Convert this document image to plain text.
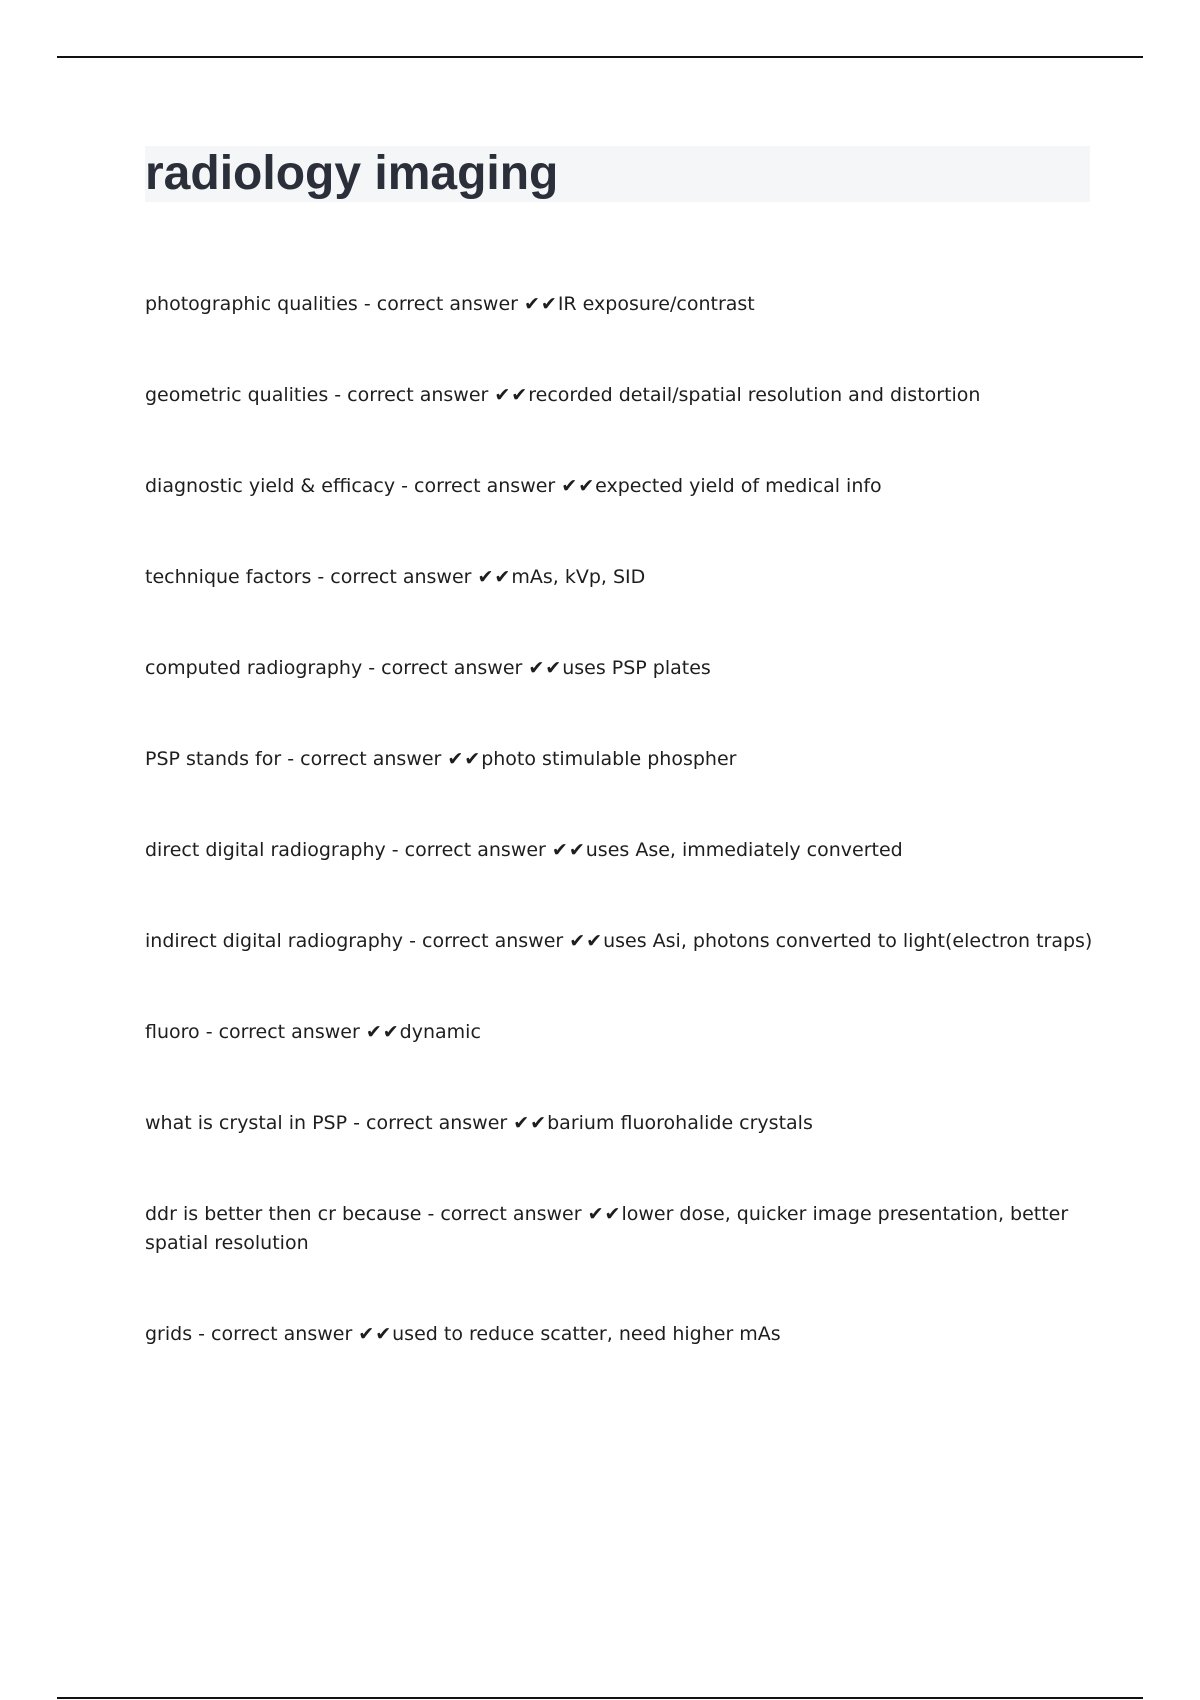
radiology imaging
photographic qualities - correct answer ✔✔IR exposure/contrast
geometric qualities - correct answer ✔✔recorded detail/spatial resolution and distortion
diagnostic yield & efficacy - correct answer ✔✔expected yield of medical info
technique factors - correct answer ✔✔mAs, kVp, SID
computed radiography - correct answer ✔✔uses PSP plates
PSP stands for - correct answer ✔✔photo stimulable phospher
direct digital radiography - correct answer ✔✔uses Ase, immediately converted
indirect digital radiography - correct answer ✔✔uses Asi, photons converted to light(electron traps)
fluoro - correct answer ✔✔dynamic
what is crystal in PSP - correct answer ✔✔barium fluorohalide crystals
ddr is better then cr because - correct answer ✔✔lower dose, quicker image presentation, better spatial resolution
grids - correct answer ✔✔used to reduce scatter, need higher mAs
